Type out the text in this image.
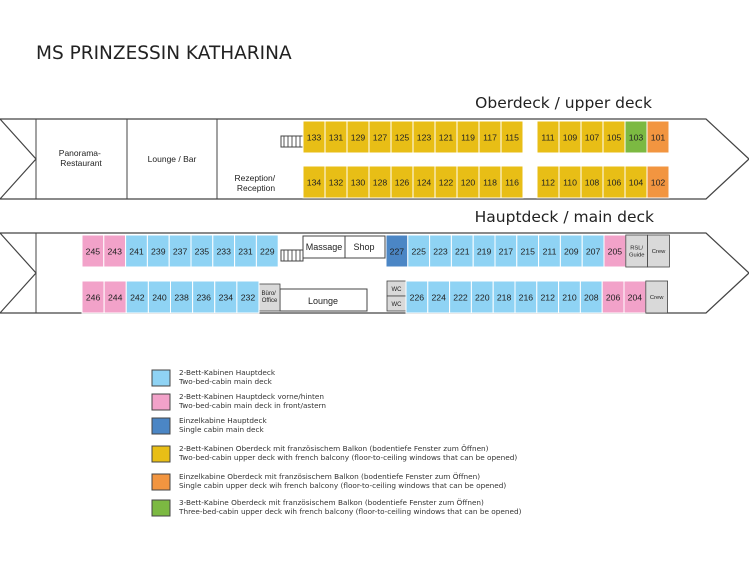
MS PRINZESSIN KATHARINA
Oberdeck / upper deck
Panorama- Restaurant	Lounge / Bar
Rezeption/ Reception
133 131 129 127 125 123 121 119 117 115	111 109 107 105 103 101
134 132 130 128 126 124 122 120 118 116	112 110 108 106 104 102
Hauptdeck / main deck
Massage Shop
Lounge
Büro/ Office
WC
WC
245 243 241 239 237 235 233 231 229	227 225 223 221 219 217 215 211 209 207 205 RSL/
Guide
Crew
246 244 242 240 238 236 234 232	226 224 222 220 218 216 212 210 208 206 204 Crew
2-Bett-Kabinen Hauptdeck
Two-bed-cabin main deck
2-Bett-Kabinen Hauptdeck vorne/hinten
Two-bed-cabin main deck in front/astern
Einzelkabine Hauptdeck
Single cabin main deck
2-Bett-Kabinen Oberdeck mit französischem Balkon (bodentiefe Fenster zum Öffnen)
Two-bed-cabin upper deck with french balcony (floor-to-ceiling windows that can be opened)
Einzelkabine Oberdeck mit französischem Balkon (bodentiefe Fenster zum Öffnen)
Single cabin upper deck wih french balcony (floor-to-ceiling windows that can be opened)
3-Bett-Kabine Oberdeck mit französischem Balkon (bodentiefe Fenster zum Öffnen)
Three-bed-cabin upper deck wih french balcony (floor-to-ceiling windows that can be opened)
